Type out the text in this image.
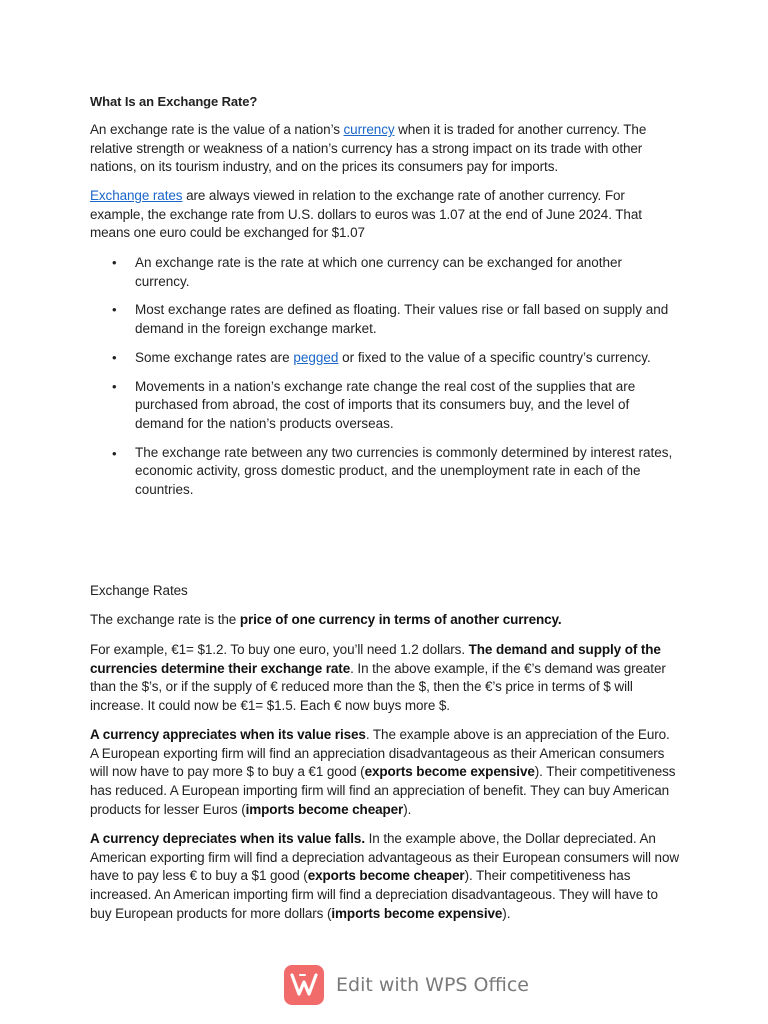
What Is an Exchange Rate?

An exchange rate is the value of a nation’s currency when it is traded for another currency. The relative strength or weakness of a nation’s currency has a strong impact on its trade with other nations, on its tourism industry, and on the prices its consumers pay for imports.

Exchange rates are always viewed in relation to the exchange rate of another currency. For example, the exchange rate from U.S. dollars to euros was 1.07 at the end of June 2024. That means one euro could be exchanged for $1.07

• An exchange rate is the rate at which one currency can be exchanged for another currency.
• Most exchange rates are defined as floating. Their values rise or fall based on supply and demand in the foreign exchange market.
• Some exchange rates are pegged or fixed to the value of a specific country’s currency.
• Movements in a nation’s exchange rate change the real cost of the supplies that are purchased from abroad, the cost of imports that its consumers buy, and the level of demand for the nation’s products overseas.
• The exchange rate between any two currencies is commonly determined by interest rates, economic activity, gross domestic product, and the unemployment rate in each of the countries.

Exchange Rates

The exchange rate is the price of one currency in terms of another currency.

For example, €1= $1.2. To buy one euro, you’ll need 1.2 dollars. The demand and supply of the currencies determine their exchange rate. In the above example, if the €’s demand was greater than the $’s, or if the supply of € reduced more than the $, then the €’s price in terms of $ will increase. It could now be €1= $1.5. Each € now buys more $.

A currency appreciates when its value rises. The example above is an appreciation of the Euro. A European exporting firm will find an appreciation disadvantageous as their American consumers will now have to pay more $ to buy a €1 good (exports become expensive). Their competitiveness has reduced. A European importing firm will find an appreciation of benefit. They can buy American products for lesser Euros (imports become cheaper).

A currency depreciates when its value falls. In the example above, the Dollar depreciated. An American exporting firm will find a depreciation advantageous as their European consumers will now have to pay less € to buy a $1 good (exports become cheaper). Their competitiveness has increased. An American importing firm will find a depreciation disadvantageous. They will have to buy European products for more dollars (imports become expensive).

Edit with WPS Office
